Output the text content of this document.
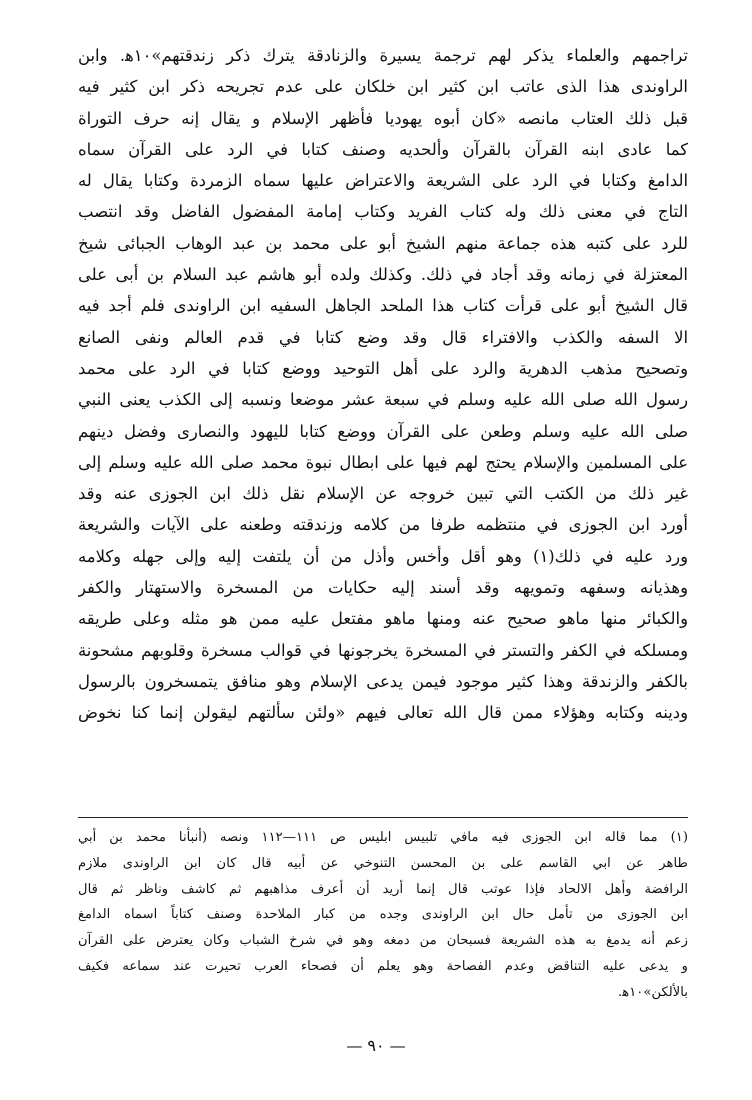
تراجمهم والعلماء يذكر لهم ترجمة يسيرة والزنادقة يترك ذكر زندقتهم»١٠ه‍. وابن
الراوندى هذا الذى عاتب ابن كثير ابن خلكان على عدم تجريحه ذكر ابن كثير فيه
قبل ذلك العتاب مانصه «كان أبوه يهوديا فأظهر الإسلام و يقال إنه حرف التوراة
كما عادى ابنه القرآن بالقرآن وألحديه وصنف كتابا في الرد على القرآن سماه
الدامغ وكتابا في الرد على الشريعة والاعتراض عليها سماه الزمردة وكتابا يقال له
التاج في معنى ذلك وله كتاب الفريد وكتاب إمامة المفضول الفاضل وقد انتصب
للرد على كتبه هذه جماعة منهم الشيخ أبو على محمد بن عبد الوهاب الجبائى شيخ
المعتزلة في زمانه وقد أجاد في ذلك. وكذلك ولده أبو هاشم عبد السلام بن أبى على
قال الشيخ أبو على قرأت كتاب هذا الملحد الجاهل السفيه ابن الراوندى فلم أجد فيه
الا السفه والكذب والافتراء قال وقد وضع كتابا في قدم العالم ونفى الصانع
وتصحيح مذهب الدهرية والرد على أهل التوحيد ووضع كتابا في الرد على محمد
رسول الله صلى الله عليه وسلم في سبعة عشر موضعا ونسبه إلى الكذب يعنى النبي
صلى الله عليه وسلم وطعن على القرآن ووضع كتابا لليهود والنصارى وفضل دينهم
على المسلمين والإسلام يحتج لهم فيها على ابطال نبوة محمد صلى الله عليه وسلم إلى
غير ذلك من الكتب التي تبين خروجه عن الإسلام نقل ذلك ابن الجوزى عنه وقد
أورد ابن الجوزى في منتظمه طرفا من كلامه وزندقته وطعنه على الآيات والشريعة
ورد عليه في ذلك(١) وهو أقل وأخس وأذل من أن يلتفت إليه وإلى جهله وكلامه
وهذيانه وسفهه وتمويهه وقد أسند إليه حكايات من المسخرة والاستهتار والكفر
والكبائر منها ماهو صحيح عنه ومنها ماهو مفتعل عليه ممن هو مثله وعلى طريقه
ومسلكه في الكفر والتستر في المسخرة يخرجونها في قوالب مسخرة وقلوبهم مشحونة
بالكفر والزندقة وهذا كثير موجود فيمن يدعى الإسلام وهو منافق يتمسخرون بالرسول
ودينه وكتابه وهؤلاء ممن قال الله تعالى فيهم «ولئن سألتهم ليقولن إنما كنا نخوض
(١) مما قاله ابن الجوزى فيه مافي تلبيس ابليس ص ١١١—١١٢ ونصه (أنبأنا محمد بن أبي
طاهر عن ابي القاسم على بن المحسن التنوخي عن أبيه قال كان ابن الراوندى ملازم
الرافضة وأهل الالحاد فإذا عوتب قال إنما أريد أن أعرف مذاهبهم ثم كاشف وناظر ثم قال
ابن الجوزى من تأمل حال ابن الراوندى وجده من كبار الملاحدة وصنف كتاباً اسماه الدامغ
زعم أنه يدمغ به هذه الشريعة فسبحان من دمغه وهو في شرخ الشباب وكان يعترض على القرآن
و يدعى عليه التناقض وعدم الفصاحة وهو يعلم أن فصحاء العرب تحيرت عند سماعه فكيف
بالألكن»١٠ه‍.
— ٩٠ —
